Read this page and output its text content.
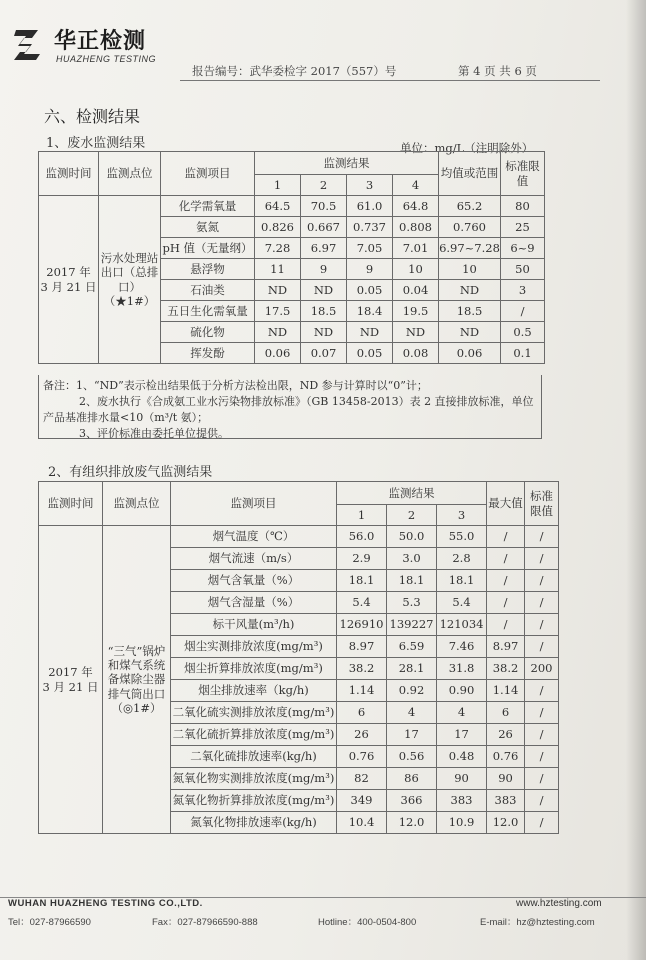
华正检测
HUAZHENG TESTING
报告编号：武华委检字 2017（557）号	第 4 页 共 6 页
六、检测结果
1、废水监测结果	单位：mg/L（注明除外）
监测时间	监测点位	监测项目	监测结果				均值或范围	标准限值
			1	2	3	4		
2017 年
3 月 21 日	污水处理站出口（总排口）（★1#）	化学需氧量	64.5	70.5	61.0	64.8	65.2	80
		氨氮	0.826	0.667	0.737	0.808	0.760	25
		pH 值（无量纲）	7.28	6.97	7.05	7.01	6.97~7.28	6~9
		悬浮物	11	9	9	10	10	50
		石油类	ND	ND	0.05	0.04	ND	3
		五日生化需氧量	17.5	18.5	18.4	19.5	18.5	/
		硫化物	ND	ND	ND	ND	ND	0.5
		挥发酚	0.06	0.07	0.05	0.08	0.06	0.1
备注：1、“ND”表示检出结果低于分析方法检出限，ND 参与计算时以“0”计；
2、废水执行《合成氨工业水污染物排放标准》（GB 13458-2013）表 2 直接排放标准，单位
产品基准排水量<10（m³/t 氨）；
3、评价标准由委托单位提供。
2、有组织排放废气监测结果
监测时间	监测点位	监测项目	监测结果			最大值	标准限值
			1	2	3		
2017 年
3 月 21 日	“三气”锅炉和煤气系统备煤除尘器排气筒出口（◎1#）	烟气温度（℃）	56.0	50.0	55.0	/	/
		烟气流速（m/s）	2.9	3.0	2.8	/	/
		烟气含氧量（%）	18.1	18.1	18.1	/	/
		烟气含湿量（%）	5.4	5.3	5.4	/	/
		标干风量(m³/h)	126910	139227	121034	/	/
		烟尘实测排放浓度(mg/m³)	8.97	6.59	7.46	8.97	/
		烟尘折算排放浓度(mg/m³)	38.2	28.1	31.8	38.2	200
		烟尘排放速率（kg/h)	1.14	0.92	0.90	1.14	/
		二氧化硫实测排放浓度(mg/m³)	6	4	4	6	/
		二氧化硫折算排放浓度(mg/m³)	26	17	17	26	/
		二氧化硫排放速率(kg/h)	0.76	0.56	0.48	0.76	/
		氮氧化物实测排放浓度(mg/m³)	82	86	90	90	/
		氮氧化物折算排放浓度(mg/m³)	349	366	383	383	/
		氮氧化物排放速率(kg/h)	10.4	12.0	10.9	12.0	/
WUHAN HUAZHENG TESTING CO.,LTD.	www.hztesting.com
Tel：027-87966590	Fax：027-87966590-888	Hotline：400-0504-800	E-mail：hz@hztesting.com
